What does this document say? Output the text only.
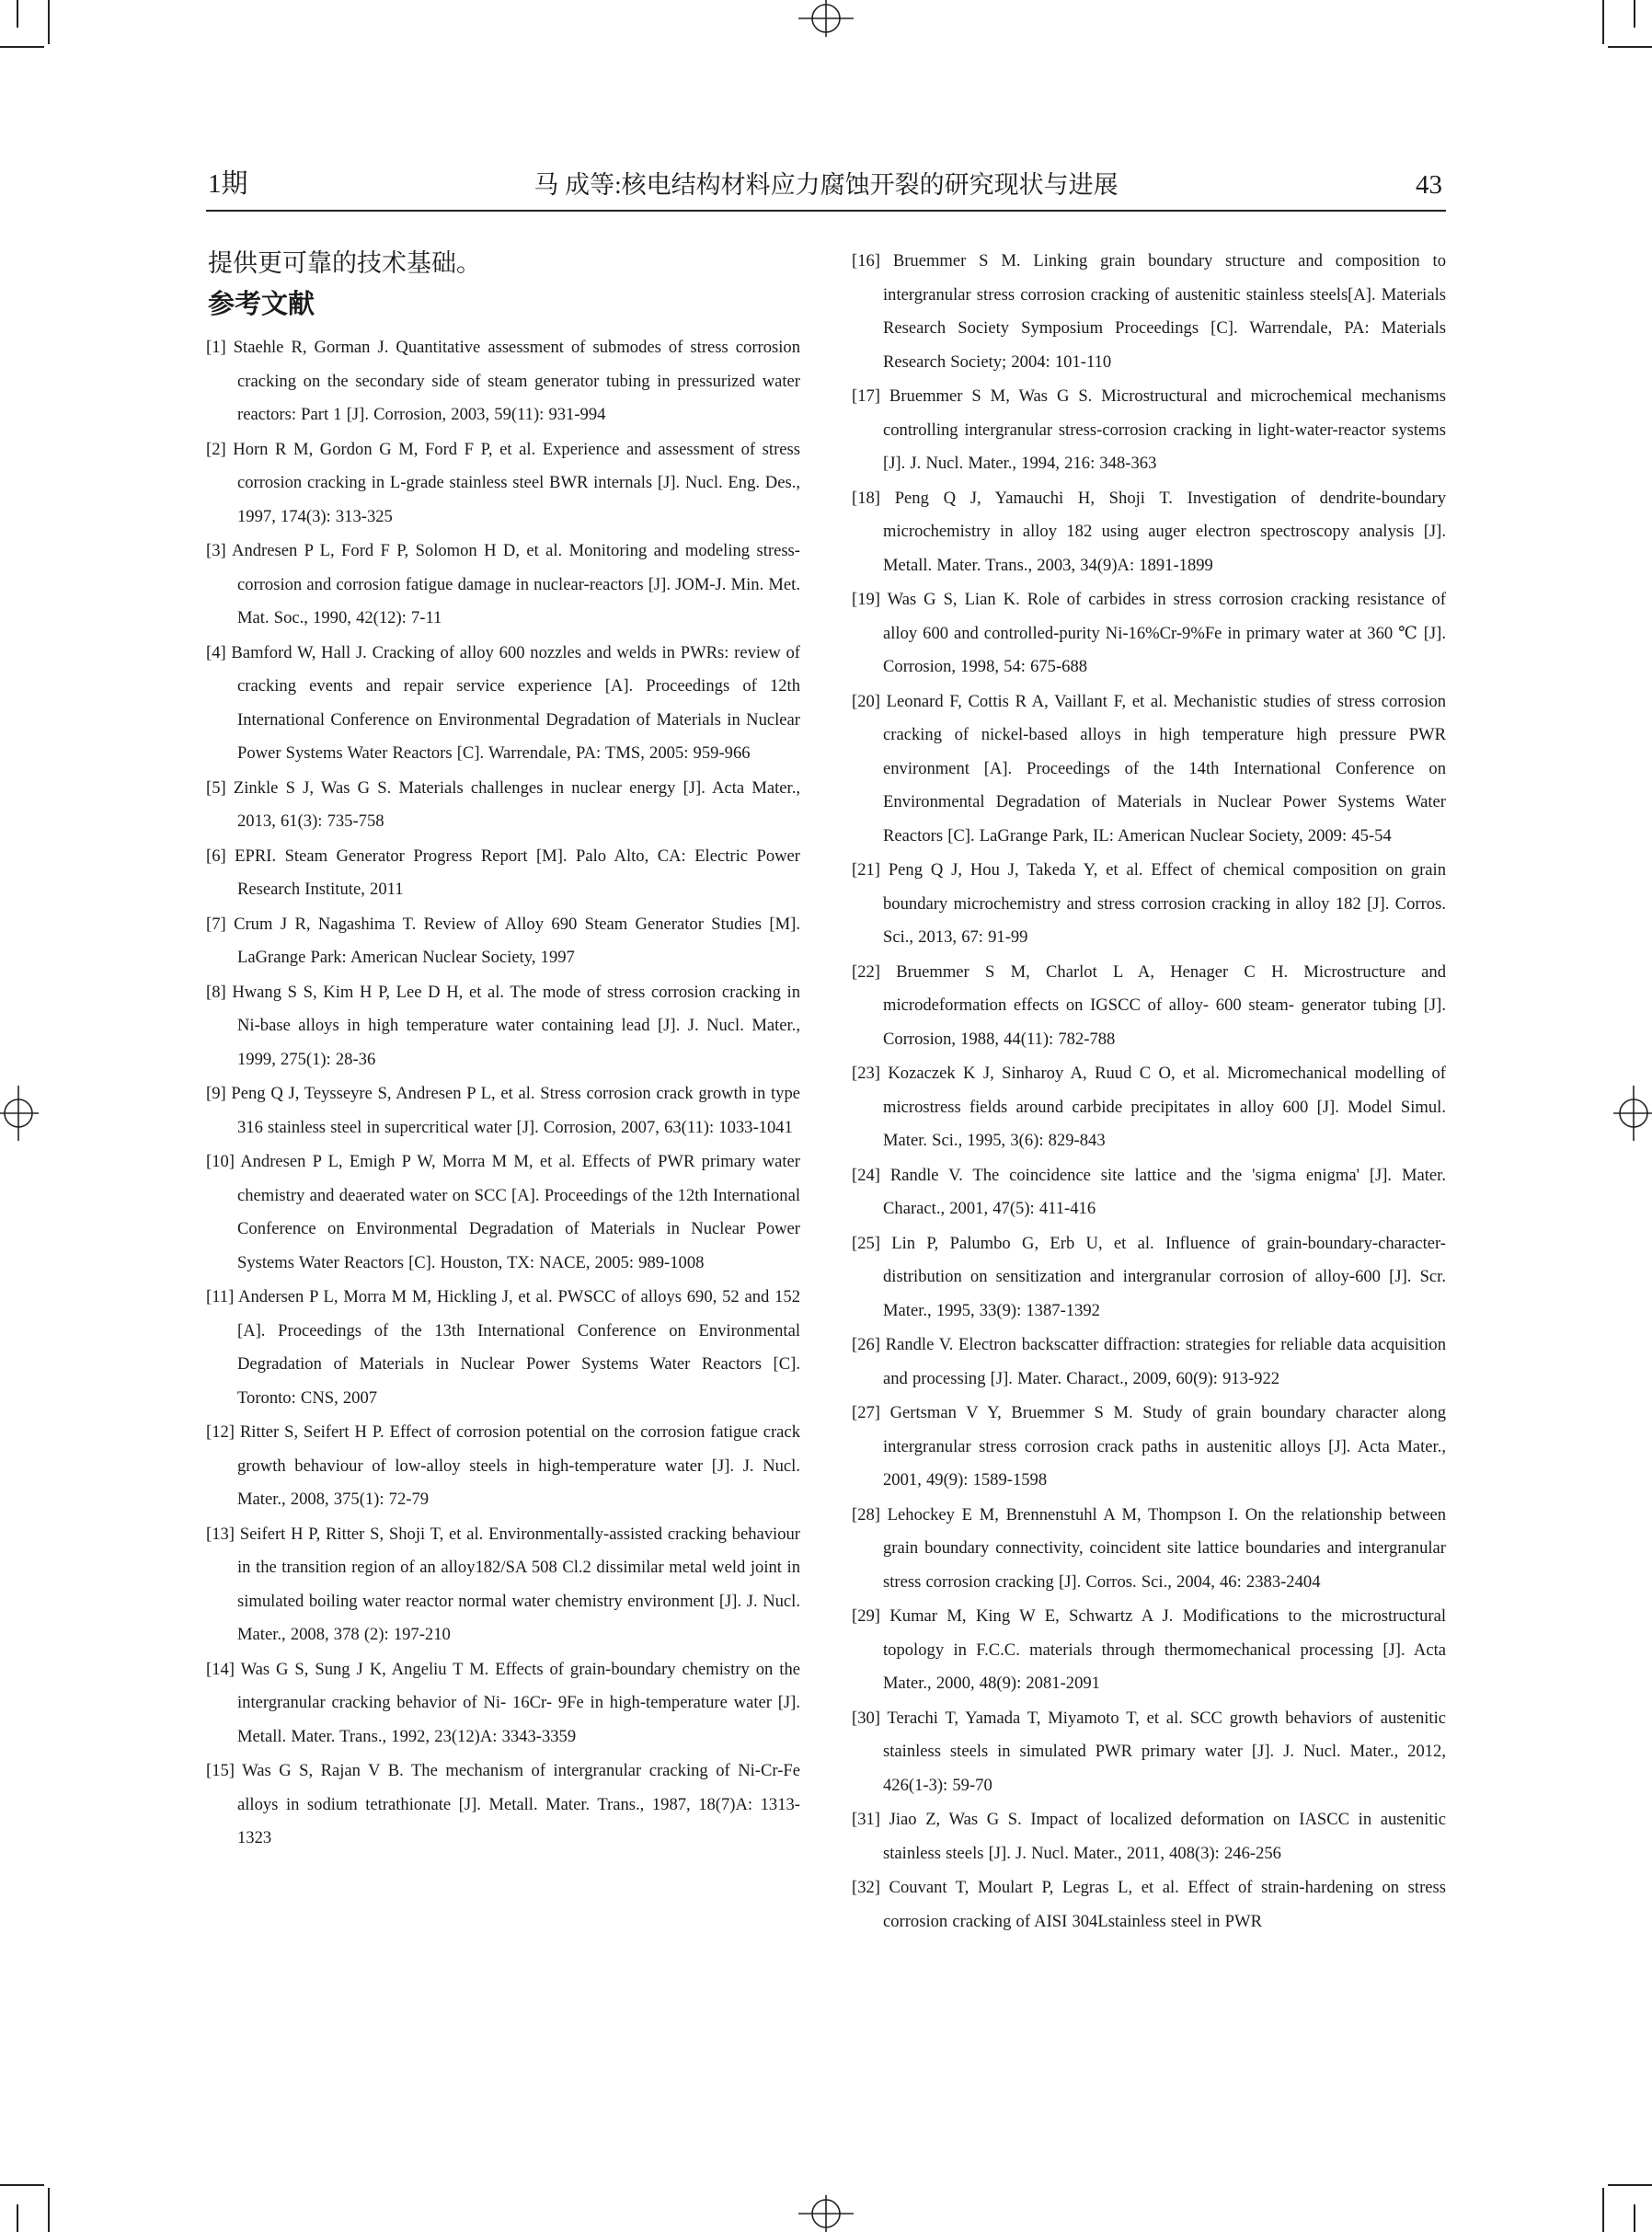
1期	马 成等:核电结构材料应力腐蚀开裂的研究现状与进展	43

提供更可靠的技术基础。

参考文献
[1] Staehle R, Gorman J. Quantitative assessment of submodes of stress corrosion cracking on the secondary side of steam generator tubing in pressurized water reactors: Part 1 [J]. Corrosion, 2003, 59(11): 931-994
[2] Horn R M, Gordon G M, Ford F P, et al. Experience and assessment of stress corrosion cracking in L-grade stainless steel BWR internals [J]. Nucl. Eng. Des., 1997, 174(3): 313-325
[3] Andresen P L, Ford F P, Solomon H D, et al. Monitoring and modeling stress-corrosion and corrosion fatigue damage in nuclear-reactors [J]. JOM-J. Min. Met. Mat. Soc., 1990, 42(12): 7-11
[4] Bamford W, Hall J. Cracking of alloy 600 nozzles and welds in PWRs: review of cracking events and repair service experience [A]. Proceedings of 12th International Conference on Environmental Degradation of Materials in Nuclear Power Systems Water Reactors [C]. Warrendale, PA: TMS, 2005: 959-966
[5] Zinkle S J, Was G S. Materials challenges in nuclear energy [J]. Acta Mater., 2013, 61(3): 735-758
[6] EPRI. Steam Generator Progress Report [M]. Palo Alto, CA: Electric Power Research Institute, 2011
[7] Crum J R, Nagashima T. Review of Alloy 690 Steam Generator Studies [M]. LaGrange Park: American Nuclear Society, 1997
[8] Hwang S S, Kim H P, Lee D H, et al. The mode of stress corrosion cracking in Ni-base alloys in high temperature water containing lead [J]. J. Nucl. Mater., 1999, 275(1): 28-36
[9] Peng Q J, Teysseyre S, Andresen P L, et al. Stress corrosion crack growth in type 316 stainless steel in supercritical water [J]. Corrosion, 2007, 63(11): 1033-1041
[10] Andresen P L, Emigh P W, Morra M M, et al. Effects of PWR primary water chemistry and deaerated water on SCC [A]. Proceedings of the 12th International Conference on Environmental Degradation of Materials in Nuclear Power Systems Water Reactors [C]. Houston, TX: NACE, 2005: 989-1008
[11] Andersen P L, Morra M M, Hickling J, et al. PWSCC of alloys 690, 52 and 152 [A]. Proceedings of the 13th International Conference on Environmental Degradation of Materials in Nuclear Power Systems Water Reactors [C]. Toronto: CNS, 2007
[12] Ritter S, Seifert H P. Effect of corrosion potential on the corrosion fatigue crack growth behaviour of low-alloy steels in high-temperature water [J]. J. Nucl. Mater., 2008, 375(1): 72-79
[13] Seifert H P, Ritter S, Shoji T, et al. Environmentally-assisted cracking behaviour in the transition region of an alloy182/SA 508 Cl.2 dissimilar metal weld joint in simulated boiling water reactor normal water chemistry environment [J]. J. Nucl. Mater., 2008, 378 (2): 197-210
[14] Was G S, Sung J K, Angeliu T M. Effects of grain-boundary chemistry on the intergranular cracking behavior of Ni- 16Cr- 9Fe in high-temperature water [J]. Metall. Mater. Trans., 1992, 23(12)A: 3343-3359
[15] Was G S, Rajan V B. The mechanism of intergranular cracking of Ni-Cr-Fe alloys in sodium tetrathionate [J]. Metall. Mater. Trans., 1987, 18(7)A: 1313-1323
[16] Bruemmer S M. Linking grain boundary structure and composition to intergranular stress corrosion cracking of austenitic stainless steels[A]. Materials Research Society Symposium Proceedings [C]. Warrendale, PA: Materials Research Society; 2004: 101-110
[17] Bruemmer S M, Was G S. Microstructural and microchemical mechanisms controlling intergranular stress-corrosion cracking in light-water-reactor systems [J]. J. Nucl. Mater., 1994, 216: 348-363
[18] Peng Q J, Yamauchi H, Shoji T. Investigation of dendrite-boundary microchemistry in alloy 182 using auger electron spectroscopy analysis [J]. Metall. Mater. Trans., 2003, 34(9)A: 1891-1899
[19] Was G S, Lian K. Role of carbides in stress corrosion cracking resistance of alloy 600 and controlled-purity Ni-16%Cr-9%Fe in primary water at 360 ℃ [J]. Corrosion, 1998, 54: 675-688
[20] Leonard F, Cottis R A, Vaillant F, et al. Mechanistic studies of stress corrosion cracking of nickel-based alloys in high temperature high pressure PWR environment [A]. Proceedings of the 14th International Conference on Environmental Degradation of Materials in Nuclear Power Systems Water Reactors [C]. LaGrange Park, IL: American Nuclear Society, 2009: 45-54
[21] Peng Q J, Hou J, Takeda Y, et al. Effect of chemical composition on grain boundary microchemistry and stress corrosion cracking in alloy 182 [J]. Corros. Sci., 2013, 67: 91-99
[22] Bruemmer S M, Charlot L A, Henager C H. Microstructure and microdeformation effects on IGSCC of alloy- 600 steam- generator tubing [J]. Corrosion, 1988, 44(11): 782-788
[23] Kozaczek K J, Sinharoy A, Ruud C O, et al. Micromechanical modelling of microstress fields around carbide precipitates in alloy 600 [J]. Model Simul. Mater. Sci., 1995, 3(6): 829-843
[24] Randle V. The coincidence site lattice and the 'sigma enigma' [J]. Mater. Charact., 2001, 47(5): 411-416
[25] Lin P, Palumbo G, Erb U, et al. Influence of grain-boundary-character-distribution on sensitization and intergranular corrosion of alloy-600 [J]. Scr. Mater., 1995, 33(9): 1387-1392
[26] Randle V. Electron backscatter diffraction: strategies for reliable data acquisition and processing [J]. Mater. Charact., 2009, 60(9): 913-922
[27] Gertsman V Y, Bruemmer S M. Study of grain boundary character along intergranular stress corrosion crack paths in austenitic alloys [J]. Acta Mater., 2001, 49(9): 1589-1598
[28] Lehockey E M, Brennenstuhl A M, Thompson I. On the relationship between grain boundary connectivity, coincident site lattice boundaries and intergranular stress corrosion cracking [J]. Corros. Sci., 2004, 46: 2383-2404
[29] Kumar M, King W E, Schwartz A J. Modifications to the microstructural topology in F.C.C. materials through thermomechanical processing [J]. Acta Mater., 2000, 48(9): 2081-2091
[30] Terachi T, Yamada T, Miyamoto T, et al. SCC growth behaviors of austenitic stainless steels in simulated PWR primary water [J]. J. Nucl. Mater., 2012, 426(1-3): 59-70
[31] Jiao Z, Was G S. Impact of localized deformation on IASCC in austenitic stainless steels [J]. J. Nucl. Mater., 2011, 408(3): 246-256
[32] Couvant T, Moulart P, Legras L, et al. Effect of strain-hardening on stress corrosion cracking of AISI 304Lstainless steel in PWR
